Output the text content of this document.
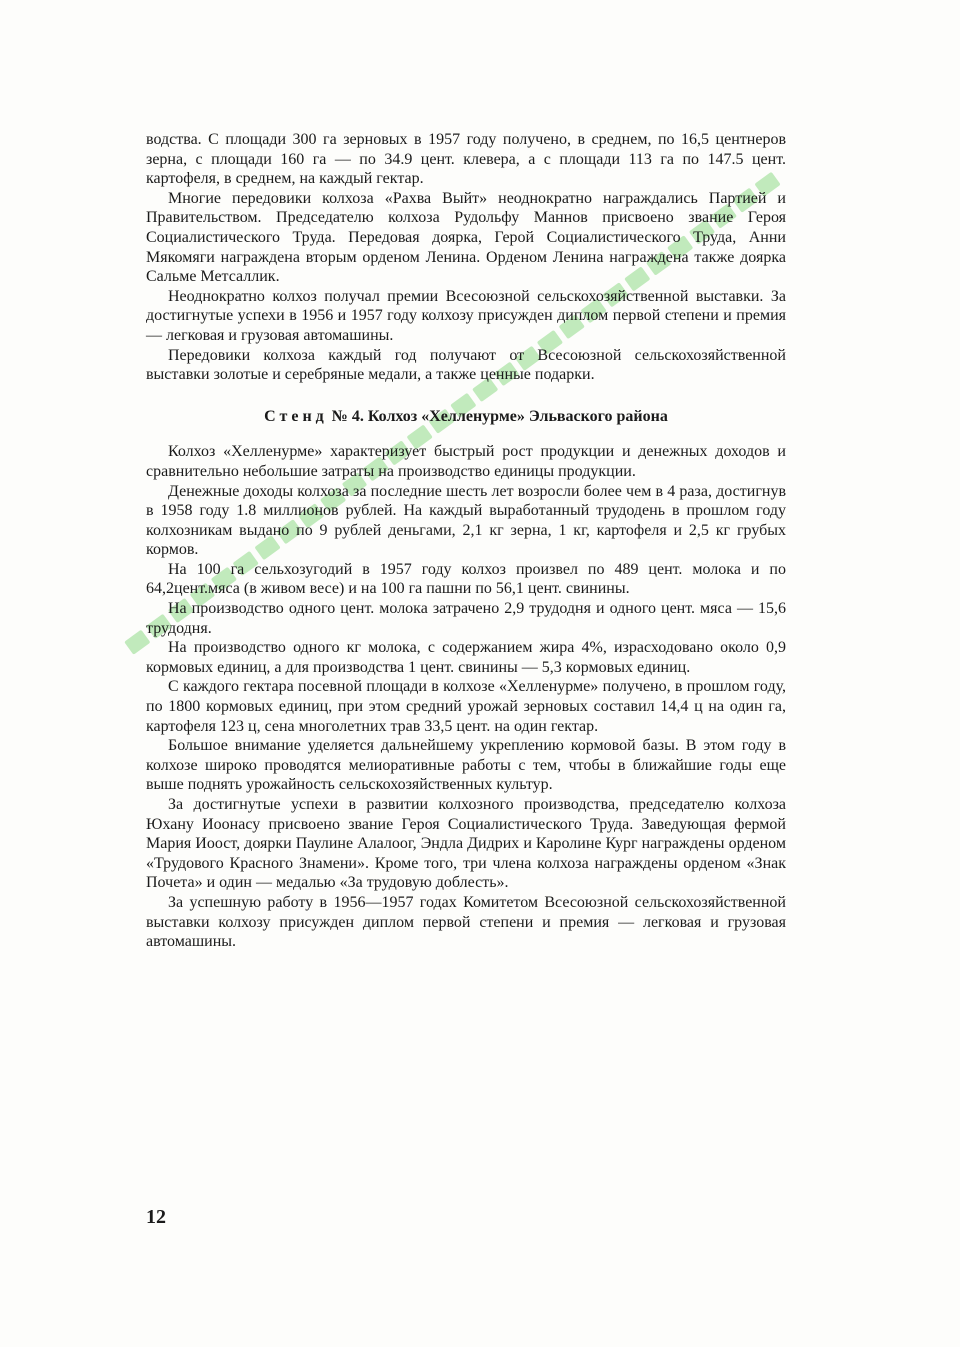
водства. С площади 300 га зерновых в 1957 году получено, в среднем, по 16,5 центнеров зерна, с площади 160 га — по 34.9 цент. клевера, а с площади 113 га по 147.5 цент. картофеля, в среднем, на каждый гектар.

Многие передовики колхоза «Рахва Выйт» неоднократно награждались Партией и Правительством. Председателю колхоза Рудольфу Маннов присвоено звание Героя Социалистического Труда. Передовая доярка, Герой Социалистического Труда, Анни Мякомяги награждена вторым орденом Ленина. Орденом Ленина награждена также доярка Сальме Метсаллик.

Неоднократно колхоз получал премии Всесоюзной сельскохозяйственной выставки. За достигнутые успехи в 1956 и 1957 году колхозу присужден диплом первой степени и премия — легковая и грузовая автомашины.

Передовики колхоза каждый год получают от Всесоюзной сельскохозяйственной выставки золотые и серебряные медали, а также ценные подарки.

Стенд № 4. Колхоз «Хелленурме» Эльваского района

Колхоз «Хелленурме» характеризует быстрый рост продукции и денежных доходов и сравнительно небольшие затраты на производство единицы продукции.

Денежные доходы колхоза за последние шесть лет возросли более чем в 4 раза, достигнув в 1958 году 1.8 миллионов рублей. На каждый выработанный трудодень в прошлом году колхозникам выдано по 9 рублей деньгами, 2,1 кг зерна, 1 кг, картофеля и 2,5 кг грубых кормов.

На 100 га сельхозугодий в 1957 году колхоз произвел по 489 цент. молока и по 64,2цент.мяса (в живом весе) и на 100 га пашни по 56,1 цент. свинины.

На производство одного цент. молока затрачено 2,9 трудодня и одного цент. мяса — 15,6 трудодня.

На производство одного кг молока, с содержанием жира 4%, израсходовано около 0,9 кормовых единиц, а для производства 1 цент. свинины — 5,3 кормовых единиц.

С каждого гектара посевной площади в колхозе «Хелленурме» получено, в прошлом году, по 1800 кормовых единиц, при этом средний урожай зерновых составил 14,4 ц на один га, картофеля 123 ц, сена многолетних трав 33,5 цент. на один гектар.

Большое внимание уделяется дальнейшему укреплению кормовой базы. В этом году в колхозе широко проводятся мелиоративные работы с тем, чтобы в ближайшие годы еще выше поднять урожайность сельскохозяйственных культур.

За достигнутые успехи в развитии колхозного производства, председателю колхоза Юхану Иоонасу присвоено звание Героя Социалистического Труда. Заведующая фермой Мария Иоост, доярки Паулине Алалоог, Эндла Дидрих и Каролине Кург награждены орденом «Трудового Красного Знамени». Кроме того, три члена колхоза награждены орденом «Знак Почета» и один — медалью «За трудовую доблесть».

За успешную работу в 1956—1957 годах Комитетом Всесоюзной сельскохозяйственной выставки колхозу присужден диплом первой степени и премия — легковая и грузовая автомашины.

12
